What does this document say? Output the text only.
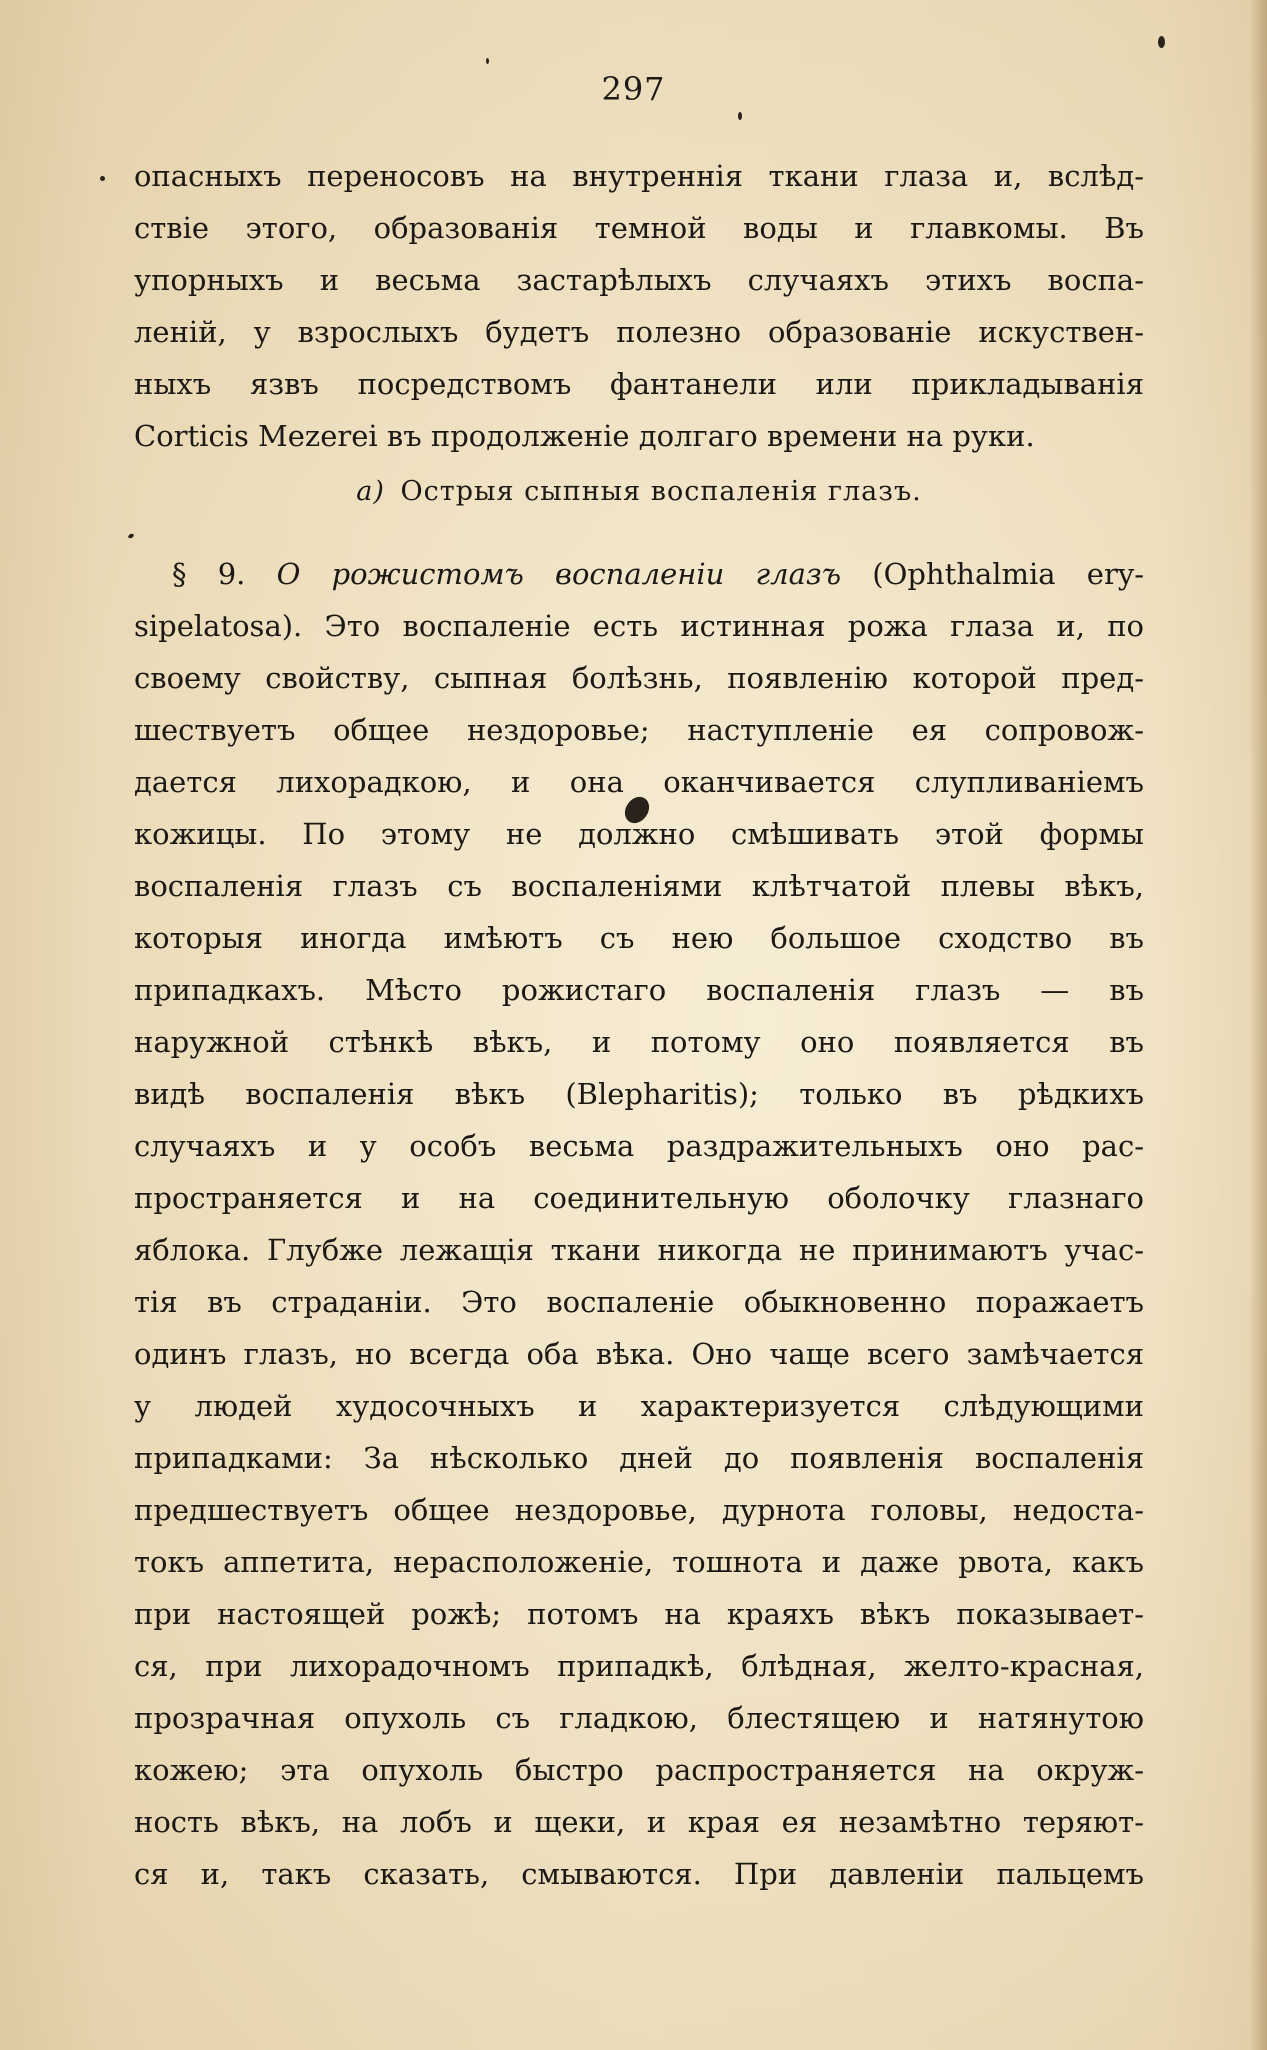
297
опасныхъ переносовъ на внутреннія ткани глаза и, вслѣд-
ствіе этого, образованія темной воды и главкомы. Въ
упорныхъ и весьма застарѣлыхъ случаяхъ этихъ воспа-
леній, у взрослыхъ будетъ полезно образованіе искуствен-
ныхъ язвъ посредствомъ фантанели или прикладыванія
Corticis Mezerei въ продолженіе долгаго времени на руки.
a) Острыя сыпныя воспаленія глазъ.
§ 9. О рожистомъ воспаленіи глазъ (Ophthalmia ery-
sipelatosa). Это воспаленіе есть истинная рожа глаза и, по
своему свойству, сыпная болѣзнь, появленію которой пред-
шествуетъ общее нездоровье; наступленіе ея сопровож-
дается лихорадкою, и она оканчивается слупливаніемъ
кожицы. По этому не должно смѣшивать этой формы
воспаленія глазъ съ воспаленіями клѣтчатой плевы вѣкъ,
которыя иногда имѣютъ съ нею большое сходство въ
припадкахъ. Мѣсто рожистаго воспаленія глазъ — въ
наружной стѣнкѣ вѣкъ, и потому оно появляется въ
видѣ воспаленія вѣкъ (Blepharitis); только въ рѣдкихъ
случаяхъ и у особъ весьма раздражительныхъ оно рас-
пространяется и на соединительную оболочку глазнаго
яблока. Глубже лежащія ткани никогда не принимаютъ учас-
тія въ страданіи. Это воспаленіе обыкновенно поражаетъ
одинъ глазъ, но всегда оба вѣка. Оно чаще всего замѣчается
у людей худосочныхъ и характеризуется слѣдующими
припадками: За нѣсколько дней до появленія воспаленія
предшествуетъ общее нездоровье, дурнота головы, недоста-
токъ аппетита, нерасположеніе, тошнота и даже рвота, какъ
при настоящей рожѣ; потомъ на краяхъ вѣкъ показывает-
ся, при лихорадочномъ припадкѣ, блѣдная, желто-красная,
прозрачная опухоль съ гладкою, блестящею и натянутою
кожею; эта опухоль быстро распространяется на окруж-
ность вѣкъ, на лобъ и щеки, и края ея незамѣтно теряют-
ся и, такъ сказать, смываются. При давленіи пальцемъ
